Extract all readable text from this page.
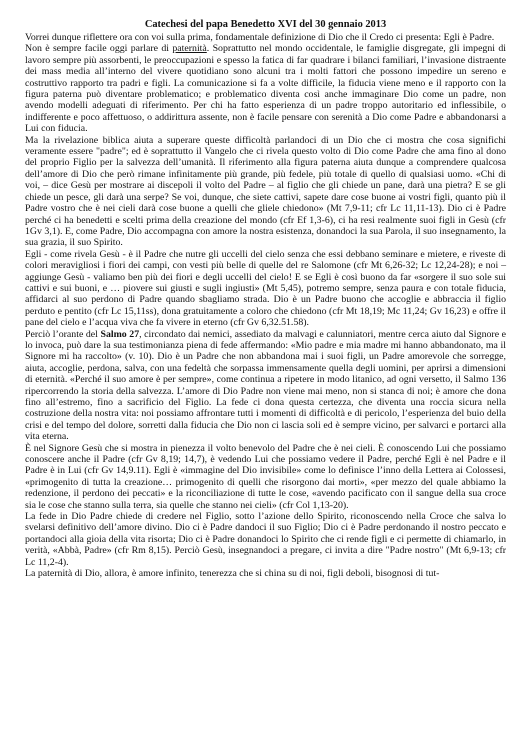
Catechesi del papa Benedetto XVI del 30 gennaio 2013

Vorrei dunque riflettere ora con voi sulla prima, fondamentale definizione di Dio che il Credo ci presenta: Egli è Padre.

Non è sempre facile oggi parlare di paternità. Soprattutto nel mondo occidentale, le famiglie disgregate, gli impegni di lavoro sempre più assorbenti, le preoccupazioni e spesso la fatica di far quadrare i bilanci familiari, l’invasione distraente dei mass media all’interno del vivere quotidiano sono alcuni tra i molti fattori che possono impedire un sereno e costruttivo rapporto tra padri e figli. La comunicazione si fa a volte difficile, la fiducia viene meno e il rapporto con la figura paterna può diventare problematico; e problematico diventa così anche immaginare Dio come un padre, non avendo modelli adeguati di riferimento. Per chi ha fatto esperienza di un padre troppo autoritario ed inflessibile, o indifferente e poco affettuoso, o addirittura assente, non è facile pensare con serenità a Dio come Padre e abbandonarsi a Lui con fiducia.

Ma la rivelazione biblica aiuta a superare queste difficoltà parlandoci di un Dio che ci mostra che cosa significhi veramente essere "padre"; ed è soprattutto il Vangelo che ci rivela questo volto di Dio come Padre che ama fino al dono del proprio Figlio per la salvezza dell’umanità. Il riferimento alla figura paterna aiuta dunque a comprendere qualcosa dell’amore di Dio che però rimane infinitamente più grande, più fedele, più totale di quello di qualsiasi uomo. «Chi di voi, – dice Gesù per mostrare ai discepoli il volto del Padre – al figlio che gli chiede un pane, darà una pietra? E se gli chiede un pesce, gli darà una serpe? Se voi, dunque, che siete cattivi, sapete dare cose buone ai vostri figli, quanto più il Padre vostro che è nei cieli darà cose buone a quelli che gliele chiedono» (Mt 7,9-11; cfr Lc 11,11-13). Dio ci è Padre perché ci ha benedetti e scelti prima della creazione del mondo (cfr Ef 1,3-6), ci ha resi realmente suoi figli in Gesù (cfr 1Gv 3,1). E, come Padre, Dio accompagna con amore la nostra esistenza, donandoci la sua Parola, il suo insegnamento, la sua grazia, il suo Spirito.

Egli - come rivela Gesù - è il Padre che nutre gli uccelli del cielo senza che essi debbano seminare e mietere, e riveste di colori meravigliosi i fiori dei campi, con vesti più belle di quelle del re Salomone (cfr Mt 6,26-32; Lc 12,24-28); e noi – aggiunge Gesù - valiamo ben più dei fiori e degli uccelli del cielo! E se Egli è così buono da far «sorgere il suo sole sui cattivi e sui buoni, e … piovere sui giusti e sugli ingiusti» (Mt 5,45), potremo sempre, senza paura e con totale fiducia, affidarci al suo perdono di Padre quando sbagliamo strada. Dio è un Padre buono che accoglie e abbraccia il figlio perduto e pentito (cfr Lc 15,11ss), dona gratuitamente a coloro che chiedono (cfr Mt 18,19; Mc 11,24; Gv 16,23) e offre il pane del cielo e l’acqua viva che fa vivere in eterno (cfr Gv 6,32.51.58).

Perciò l’orante del Salmo 27, circondato dai nemici, assediato da malvagi e calunniatori, mentre cerca aiuto dal Signore e lo invoca, può dare la sua testimonianza piena di fede affermando: «Mio padre e mia madre mi hanno abbandonato, ma il Signore mi ha raccolto» (v. 10). Dio è un Padre che non abbandona mai i suoi figli, un Padre amorevole che sorregge, aiuta, accoglie, perdona, salva, con una fedeltà che sorpassa immensamente quella degli uomini, per aprirsi a dimensioni di eternità. «Perché il suo amore è per sempre», come continua a ripetere in modo litanico, ad ogni versetto, il Salmo 136 ripercorrendo la storia della salvezza. L’amore di Dio Padre non viene mai meno, non si stanca di noi; è amore che dona fino all’estremo, fino a sacrificio del Figlio. La fede ci dona questa certezza, che diventa una roccia sicura nella costruzione della nostra vita: noi possiamo affrontare tutti i momenti di difficoltà e di pericolo, l’esperienza del buio della crisi e del tempo del dolore, sorretti dalla fiducia che Dio non ci lascia soli ed è sempre vicino, per salvarci e portarci alla vita eterna.

È nel Signore Gesù che si mostra in pienezza il volto benevolo del Padre che è nei cieli. È conoscendo Lui che possiamo conoscere anche il Padre (cfr Gv 8,19; 14,7), è vedendo Lui che possiamo vedere il Padre, perché Egli è nel Padre e il Padre è in Lui (cfr Gv 14,9.11). Egli è «immagine del Dio invisibile» come lo definisce l’inno della Lettera ai Colossesi, «primogenito di tutta la creazione… primogenito di quelli che risorgono dai morti», «per mezzo del quale abbiamo la redenzione, il perdono dei peccati» e la riconciliazione di tutte le cose, «avendo pacificato con il sangue della sua croce sia le cose che stanno sulla terra, sia quelle che stanno nei cieli» (cfr Col 1,13-20).

La fede in Dio Padre chiede di credere nel Figlio, sotto l’azione dello Spirito, riconoscendo nella Croce che salva lo svelarsi definitivo dell’amore divino. Dio ci è Padre dandoci il suo Figlio; Dio ci è Padre perdonando il nostro peccato e portandoci alla gioia della vita risorta; Dio ci è Padre donandoci lo Spirito che ci rende figli e ci permette di chiamarlo, in verità, «Abbà, Padre» (cfr Rm 8,15). Perciò Gesù, insegnandoci a pregare, ci invita a dire "Padre nostro" (Mt 6,9-13; cfr Lc 11,2-4).

La paternità di Dio, allora, è amore infinito, tenerezza che si china su di noi, figli deboli, bisognosi di tut-
